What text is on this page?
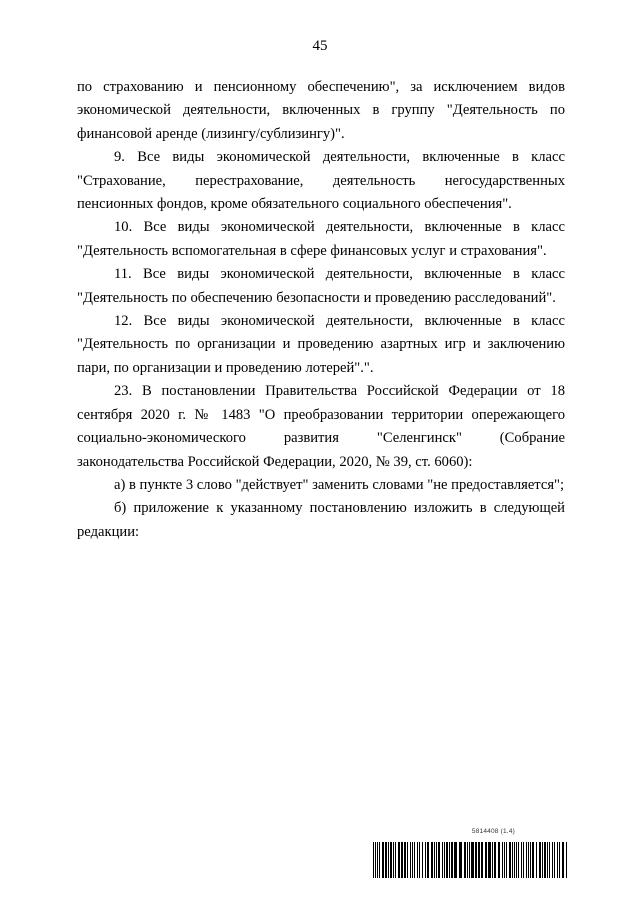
45

по страхованию и пенсионному обеспечению", за исключением видов экономической деятельности, включенных в группу "Деятельность по финансовой аренде (лизингу/сублизингу)".

9. Все виды экономической деятельности, включенные в класс "Страхование, перестрахование, деятельность негосударственных пенсионных фондов, кроме обязательного социального обеспечения".

10. Все виды экономической деятельности, включенные в класс "Деятельность вспомогательная в сфере финансовых услуг и страхования".

11. Все виды экономической деятельности, включенные в класс "Деятельность по обеспечению безопасности и проведению расследований".

12. Все виды экономической деятельности, включенные в класс "Деятельность по организации и проведению азартных игр и заключению пари, по организации и проведению лотерей".".

23. В постановлении Правительства Российской Федерации от 18 сентября 2020 г. № 1483 "О преобразовании территории опережающего социально-экономического развития "Селенгинск" (Собрание законодательства Российской Федерации, 2020, № 39, ст. 6060):

а) в пункте 3 слово "действует" заменить словами "не предоставляется";

б) приложение к указанному постановлению изложить в следующей редакции:

5814408 (1.4)
